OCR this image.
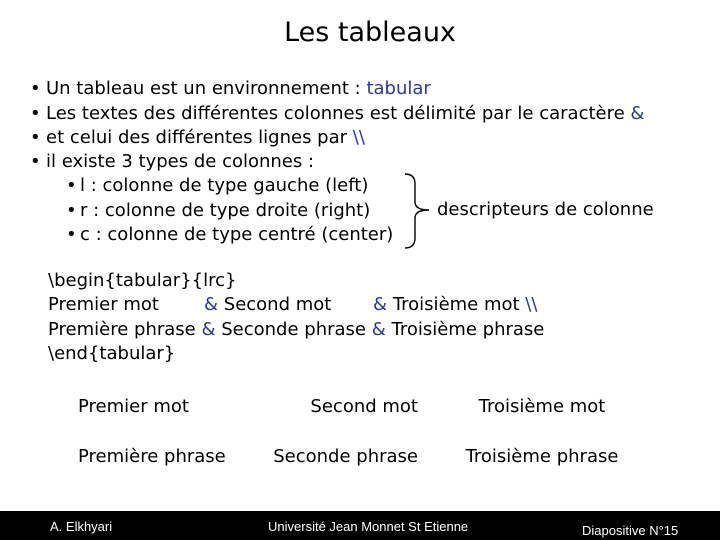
Les tableaux
• Un tableau est un environnement : tabular
• Les textes des différentes colonnes est délimité par le caractère &
• et celui des différentes lignes par \\
• il existe 3 types de colonnes :
• l : colonne de type gauche (left)
• r : colonne de type droite (right)
• c : colonne de type centré (center)
descripteurs de colonne
\begin{tabular}{lrc}
Premier mot	& Second mot & Troisième mot \\
Première phrase & Seconde phrase & Troisième phrase
\end{tabular}
Premier mot	Second mot	Troisième mot
Première phrase	Seconde phrase	Troisième phrase
A. Elkhyari	Université Jean Monnet St Etienne	Diapositive N°15
